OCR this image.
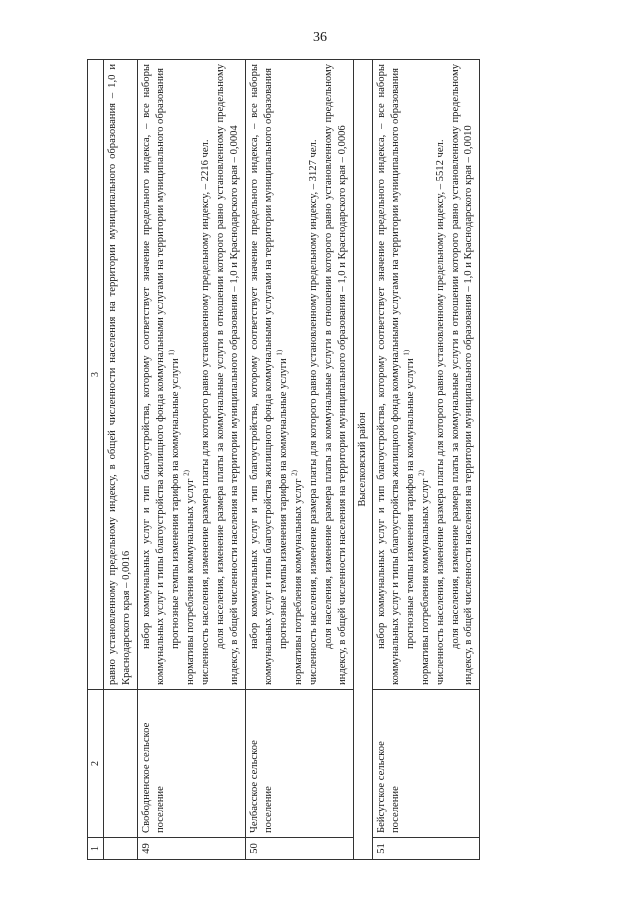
36
1	2	3

		равно установленному предельному индексу, в общей численности населения на территории муниципального образования – 1,0 и Краснодарского края – 0,0016

49	Свободненское сельское поселение	набор коммунальных услуг и тип благоустройства, которому соответствует значение предельного индекса, – все наборы коммунальных услуг и типы благоустройства жилищного фонда коммунальными услугами на территории муниципального образования прогнозные темпы изменения тарифов на коммунальные услуги $^{1)}$

нормативы потребления коммунальных услуг $^{2)}$ численность населения, изменение размера платы для которого равно установленному предельному индексу, – 2216 чел. доля населения, изменение размера платы за коммунальные услуги в отношении которого равно установленному предельному индексу, в общей численности населения на территории муниципального образования – 1,0 и Краснодарского края – 0,0004

50	Челбасское сельское поселение	набор коммунальных услуг и тип благоустройства, которому соответствует значение предельного индекса, – все наборы коммунальных услуг и типы благоустройства жилищного фонда коммунальными услугами на территории муниципального образования прогнозные темпы изменения тарифов на коммунальные услуги $^{1)}$

нормативы потребления коммунальных услуг $^{2)}$ численность населения, изменение размера платы для которого равно установленному предельному индексу, – 3127 чел. доля населения, изменение размера платы за коммунальные услуги в отношении которого равно установленному предельному индексу, в общей численности населения на территории муниципального образования – 1,0 и Краснодарского края – 0,0006

Выселковский район		
51	Бейсугское сельское поселение	набор коммунальных услуг и тип благоустройства, которому соответствует значение предельного индекса, – все наборы коммунальных услуг и типы благоустройства жилищного фонда коммунальными услугами на территории муниципального образования прогнозные темпы изменения тарифов на коммунальные услуги $^{1)}$

нормативы потребления коммунальных услуг $^{2)}$ численность населения, изменение размера платы для которого равно установленному предельному индексу, – 5512 чел. доля населения, изменение размера платы за коммунальные услуги в отношении которого равно установленному предельному индексу, в общей численности населения на территории муниципального образования – 1,0 и Краснодарского края – 0,0010
